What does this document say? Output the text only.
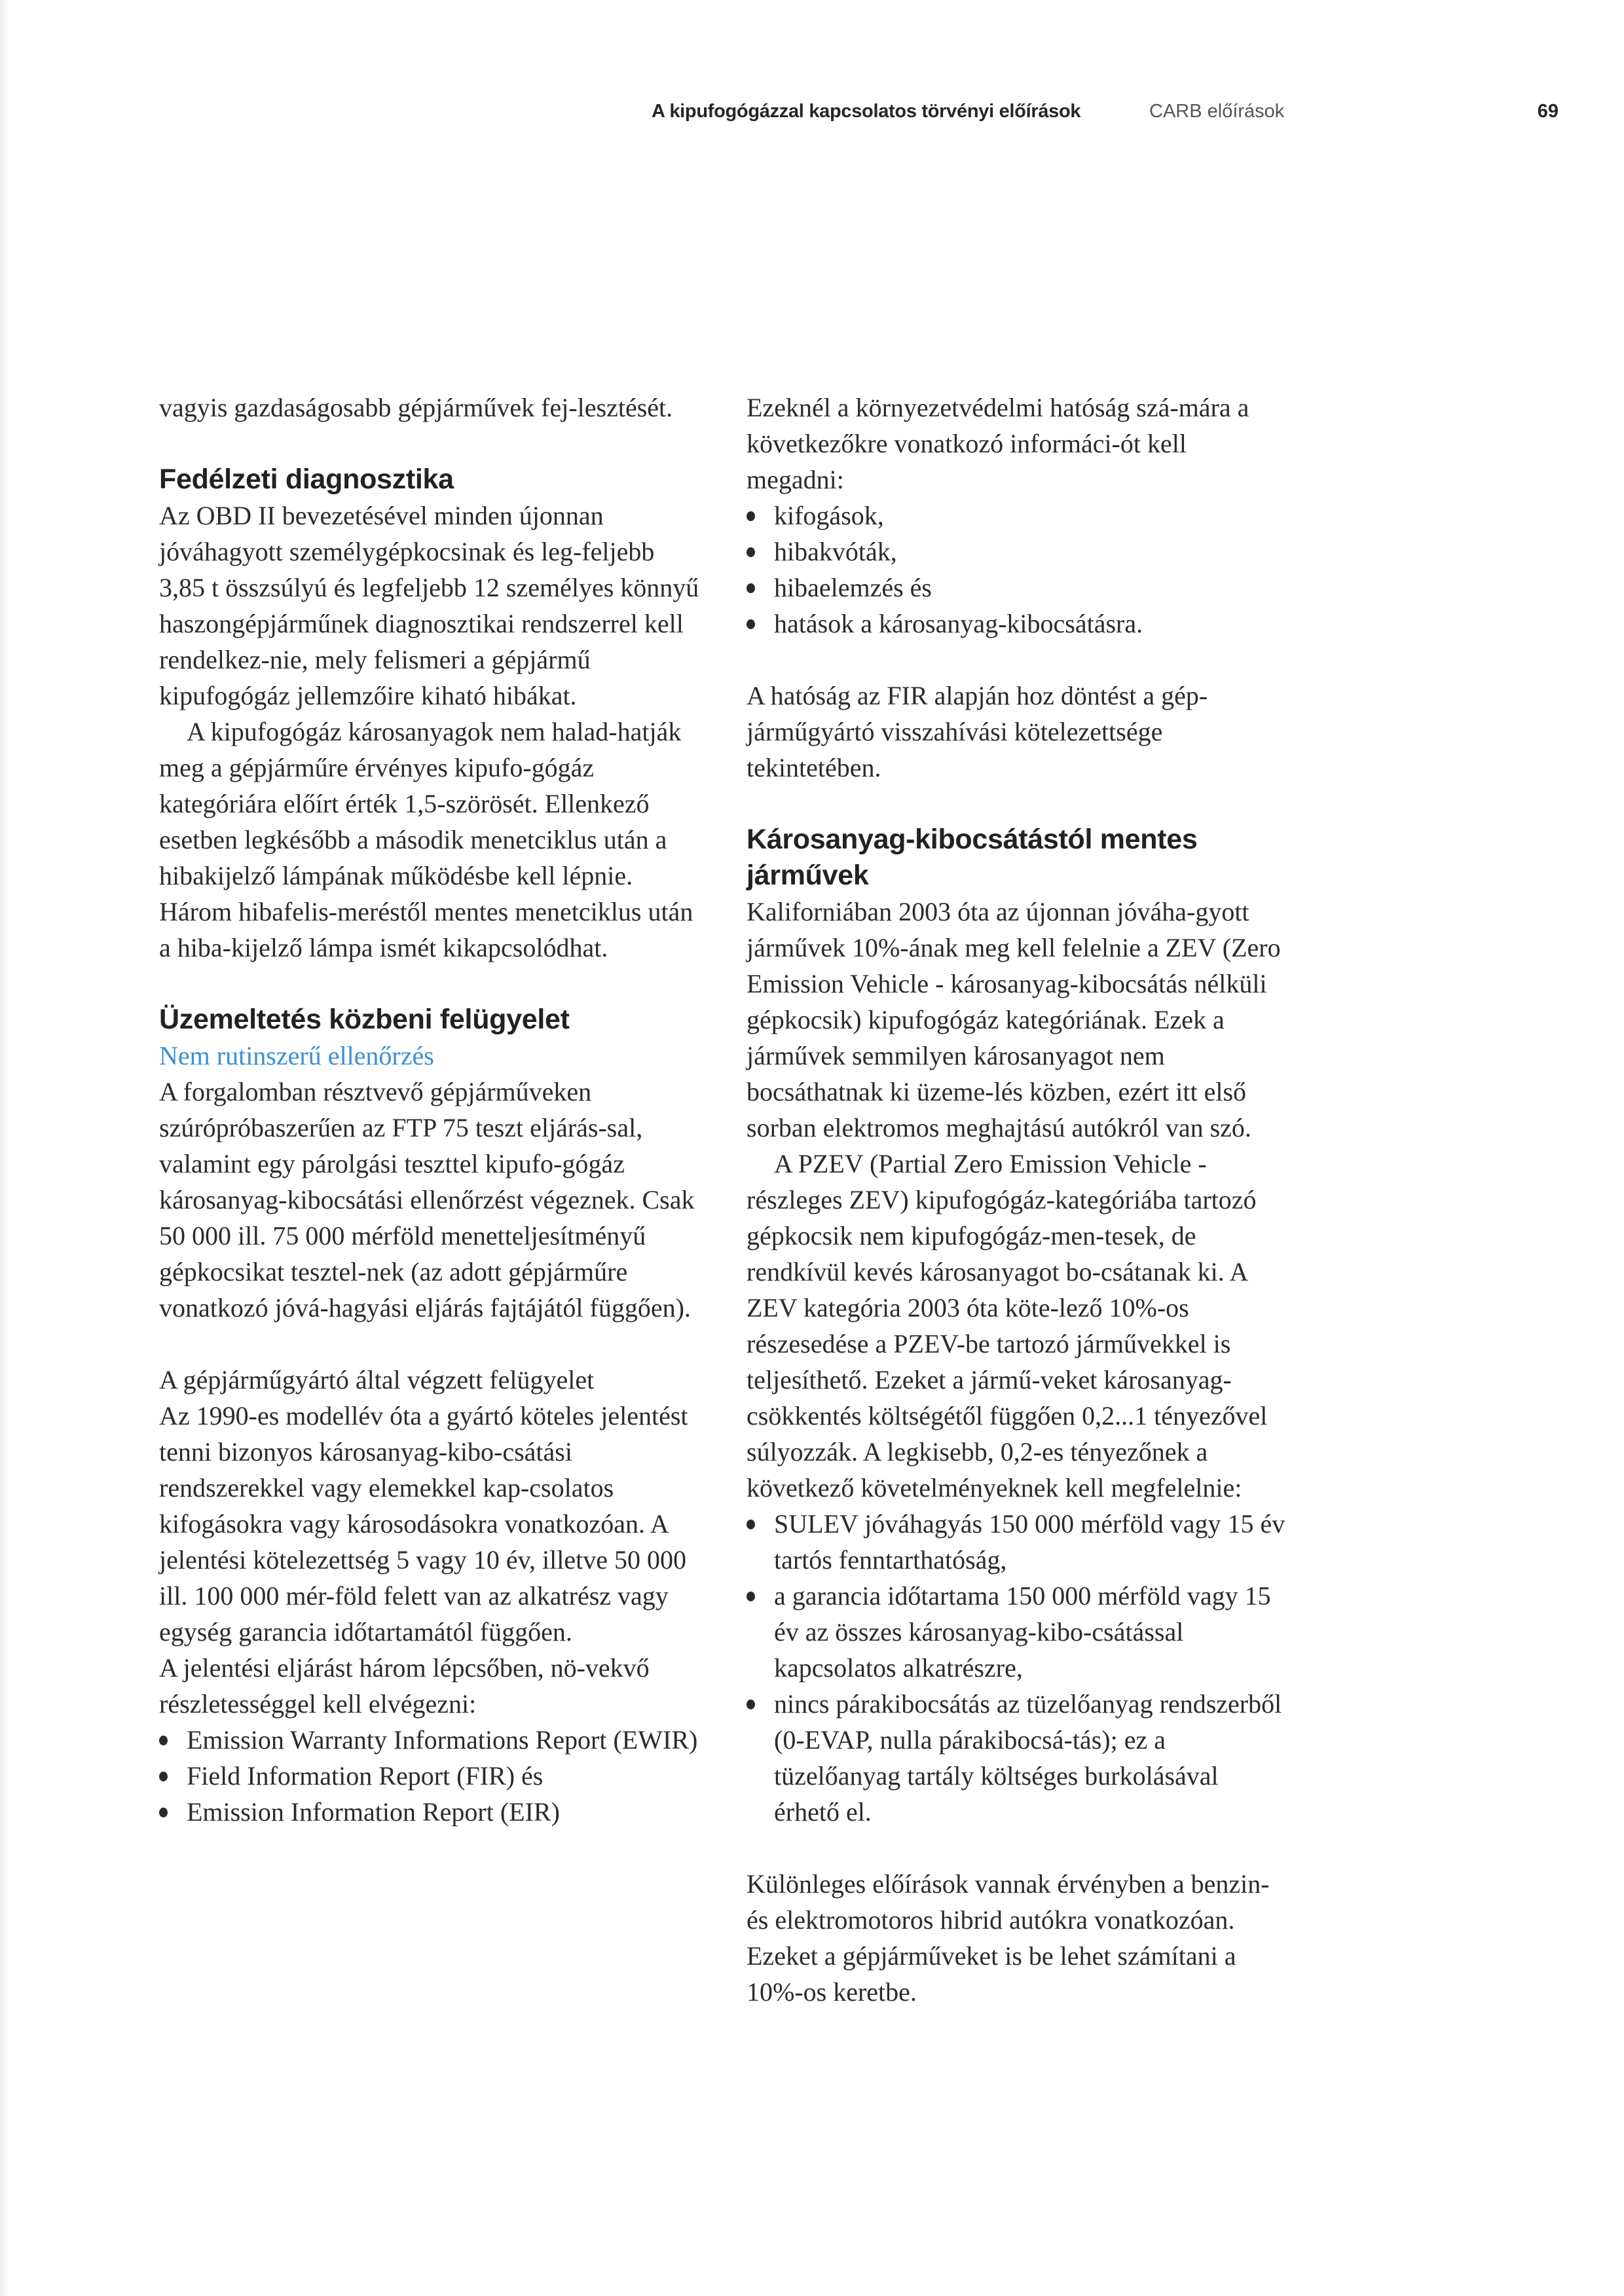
A kipufogógázzal kapcsolatos törvényi előírások	CARB előírások	69

vagyis gazdaságosabb gépjárművek fej-lesztését.

Fedélzeti diagnosztika

Az OBD II bevezetésével minden újonnan jóváhagyott személygépkocsinak és leg-feljebb 3,85 t összsúlyú és legfeljebb 12 személyes könnyű haszongépjárműnek diagnosztikai rendszerrel kell rendelkez-nie, mely felismeri a gépjármű kipufogógáz jellemzőire kiható hibákat.

A kipufogógáz károsanyagok nem halad-hatják meg a gépjárműre érvényes kipufo-gógáz kategóriára előírt érték 1,5-szörösét. Ellenkező esetben legkésőbb a második menetciklus után a hibakijelző lámpának működésbe kell lépnie. Három hibafelis-meréstől mentes menetciklus után a hiba-kijelző lámpa ismét kikapcsolódhat.

Üzemeltetés közbeni felügyelet

Nem rutinszerű ellenőrzés

A forgalomban résztvevő gépjárműveken szúrópróbaszerűen az FTP 75 teszt eljárás-sal, valamint egy párolgási teszttel kipufo-gógáz károsanyag-kibocsátási ellenőrzést végeznek. Csak 50 000 ill. 75 000 mérföld menetteljesítményű gépkocsikat tesztel-nek (az adott gépjárműre vonatkozó jóvá-hagyási eljárás fajtájától függően).

A gépjárműgyártó által végzett felügyelet

Az 1990-es modellév óta a gyártó köteles jelentést tenni bizonyos károsanyag-kibo-csátási rendszerekkel vagy elemekkel kap-csolatos kifogásokra vagy károsodásokra vonatkozóan. A jelentési kötelezettség 5 vagy 10 év, illetve 50 000 ill. 100 000 mér-föld felett van az alkatrész vagy egység garancia időtartamától függően.

A jelentési eljárást három lépcsőben, nö-vekvő részletességgel kell elvégezni:

Emission Warranty Informations Report (EWIR)
Field Information Report (FIR) és
Emission Information Report (EIR)

Ezeknél a környezetvédelmi hatóság szá-mára a következőkre vonatkozó informáci-ót kell megadni:

kifogások,
hibakvóták,
hibaelemzés és
hatások a károsanyag-kibocsátásra.

A hatóság az FIR alapján hoz döntést a gép-járműgyártó visszahívási kötelezettsége tekintetében.

Károsanyag-kibocsátástól mentes járművek

Kaliforniában 2003 óta az újonnan jóváha-gyott járművek 10%-ának meg kell felelnie a ZEV (Zero Emission Vehicle - károsanyag-kibocsátás nélküli gépkocsik) kipufogógáz kategóriának. Ezek a járművek semmilyen károsanyagot nem bocsáthatnak ki üzeme-lés közben, ezért itt első sorban elektromos meghajtású autókról van szó.

A PZEV (Partial Zero Emission Vehicle - részleges ZEV) kipufogógáz-kategóriába tartozó gépkocsik nem kipufogógáz-men-tesek, de rendkívül kevés károsanyagot bo-csátanak ki. A ZEV kategória 2003 óta köte-lező 10%-os részesedése a PZEV-be tartozó járművekkel is teljesíthető. Ezeket a jármű-veket károsanyag-csökkentés költségétől függően 0,2...1 tényezővel súlyozzák. A legkisebb, 0,2-es tényezőnek a következő követelményeknek kell megfelelnie:

SULEV jóváhagyás 150 000 mérföld vagy 15 év tartós fenntarthatóság,
a garancia időtartama 150 000 mérföld vagy 15 év az összes károsanyag-kibo-csátással kapcsolatos alkatrészre,
nincs párakibocsátás az tüzelőanyag rendszerből (0-EVAP, nulla párakibocsá-tás); ez a tüzelőanyag tartály költséges burkolásával érhető el.

Különleges előírások vannak érvényben a benzin- és elektromotoros hibrid autókra vonatkozóan. Ezeket a gépjárműveket is be lehet számítani a 10%-os keretbe.
